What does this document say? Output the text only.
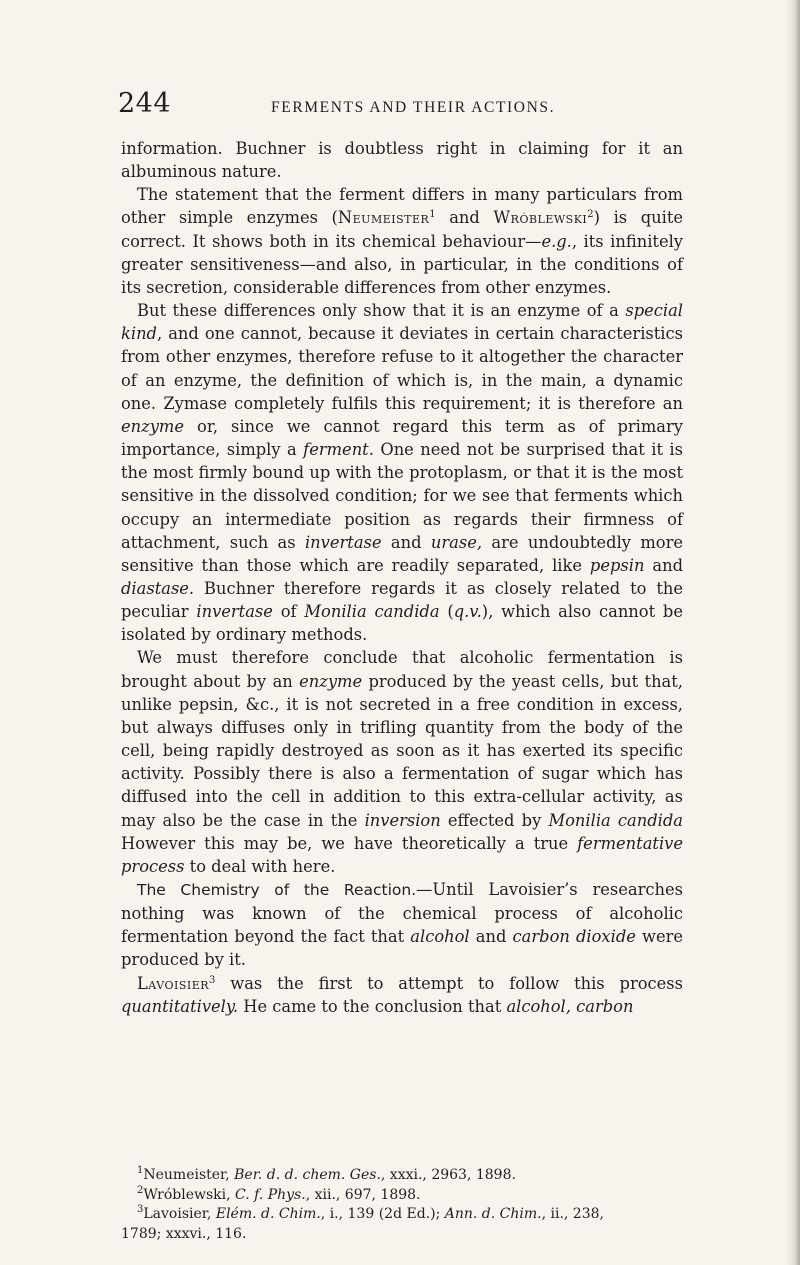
244	FERMENTS AND THEIR ACTIONS.

information. Buchner is doubtless right in claiming for it an albuminous nature.

The statement that the ferment differs in many particulars from other simple enzymes (Neumeister$^1$ and Wróblewski$^2$) is quite correct. It shows both in its chemical behaviour—e.g., its infinitely greater sensitiveness—and also, in particular, in the conditions of its secretion, considerable differences from other enzymes.

But these differences only show that it is an enzyme of a special kind, and one cannot, because it deviates in certain characteristics from other enzymes, therefore refuse to it altogether the character of an enzyme, the definition of which is, in the main, a dynamic one. Zymase completely fulfils this requirement; it is therefore an enzyme or, since we cannot regard this term as of primary importance, simply a ferment. One need not be surprised that it is the most firmly bound up with the protoplasm, or that it is the most sensitive in the dissolved condition; for we see that ferments which occupy an intermediate position as regards their firmness of attachment, such as invertase and urase, are undoubtedly more sensitive than those which are readily separated, like pepsin and diastase. Buchner therefore regards it as closely related to the peculiar invertase of Monilia candida (q.v.), which also cannot be isolated by ordinary methods.

We must therefore conclude that alcoholic fermentation is brought about by an enzyme produced by the yeast cells, but that, unlike pepsin, &c., it is not secreted in a free condition in excess, but always diffuses only in trifling quantity from the body of the cell, being rapidly destroyed as soon as it has exerted its specific activity. Possibly there is also a fermentation of sugar which has diffused into the cell in addition to this extra-cellular activity, as may also be the case in the inversion effected by Monilia candida However this may be, we have theoretically a true fermentative process to deal with here.

The Chemistry of the Reaction.—Until Lavoisier’s researches nothing was known of the chemical process of alcoholic fermentation beyond the fact that alcohol and carbon dioxide were produced by it.

Lavoisier$^3$ was the first to attempt to follow this process quantitatively. He came to the conclusion that alcohol, carbon

$^1$Neumeister, Ber. d. d. chem. Ges., xxxi., 2963, 1898.

$^2$Wróblewski, C. f. Phys., xii., 697, 1898.

$^3$Lavoisier, Elém. d. Chim., i., 139 (2d Ed.); Ann. d. Chim., ii., 238,

1789; xxxvi., 116.
